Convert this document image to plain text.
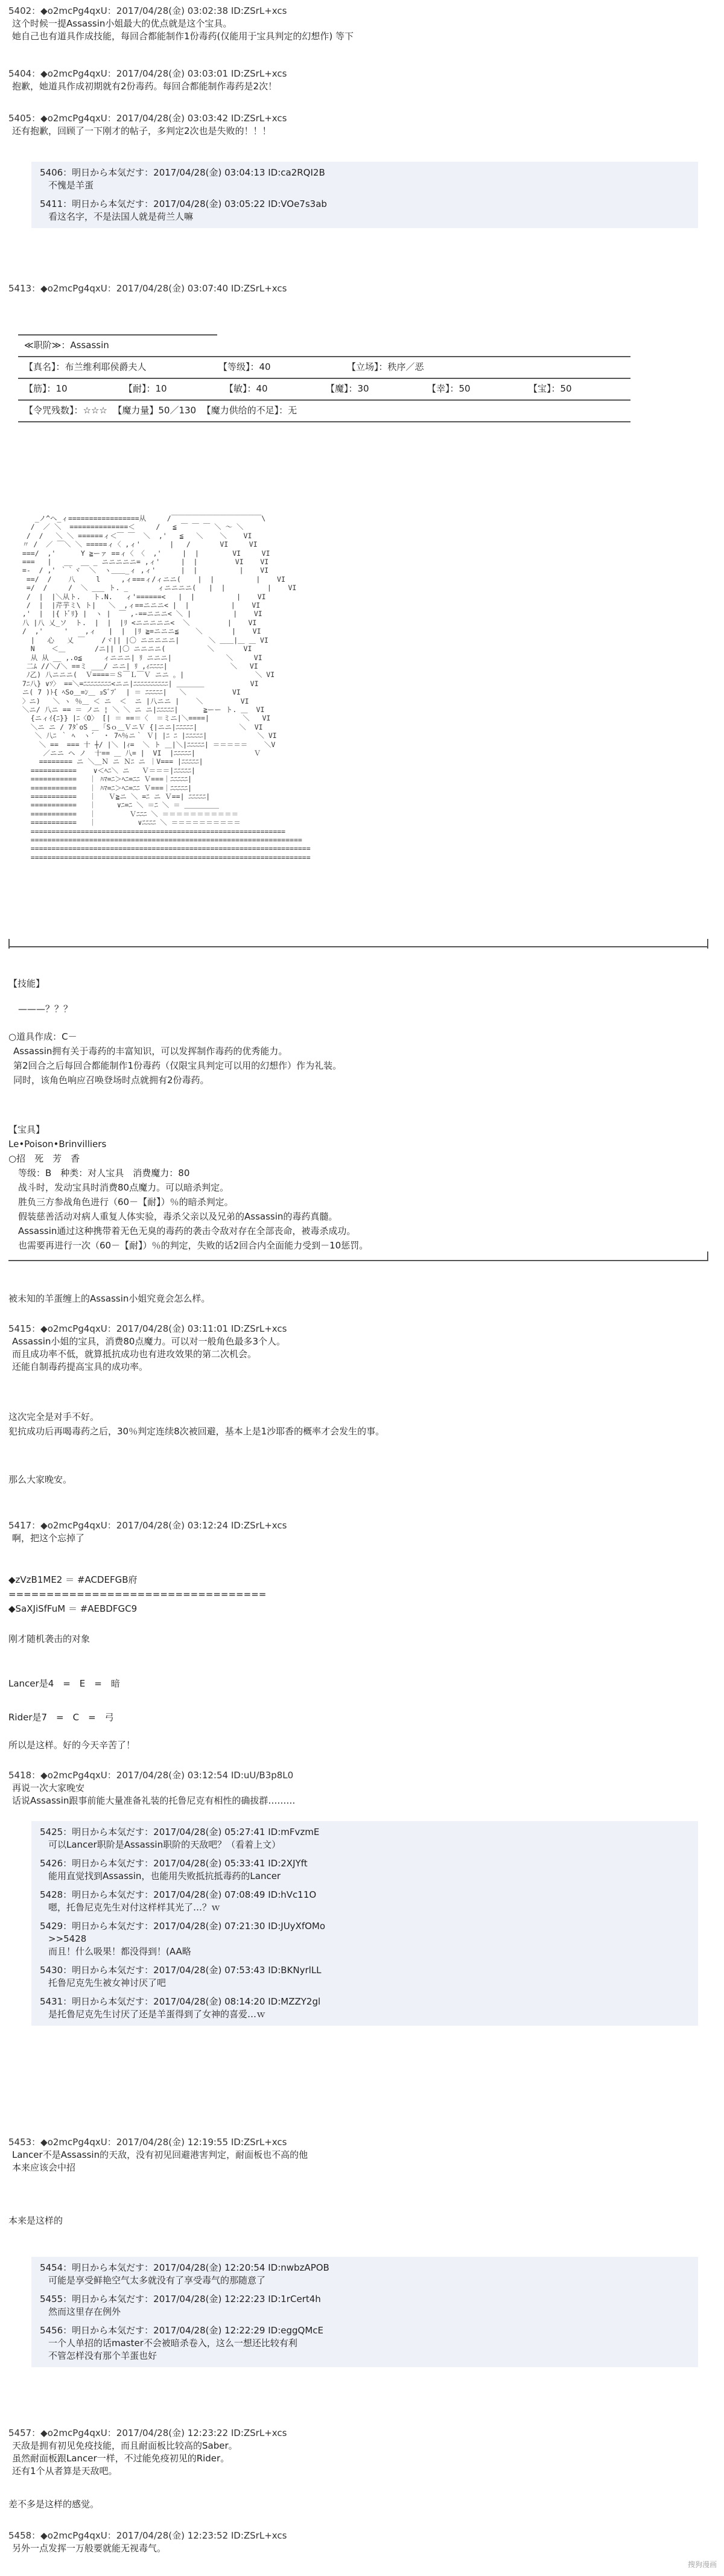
5402：◆o2mcPg4qxU：2017/04/28(金) 03:02:38 ID:ZSrL+xcs
这个时候一提Assassin小姐最大的优点就是这个宝具。
她自己也有道具作成技能，每回合都能制作1份毒药(仅能用于宝具判定的幻想作) 等下
5404：◆o2mcPg4qxU：2017/04/28(金) 03:03:01 ID:ZSrL+xcs
抱歉，她道具作成初期就有2份毒药。每回合都能制作毒药是2次！
5405：◆o2mcPg4qxU：2017/04/28(金) 03:03:42 ID:ZSrL+xcs
还有抱歉，回顾了一下刚才的帖子，多判定2次也是失败的！！！
5406：明日から本気だす：2017/04/28(金) 03:04:13 ID:ca2RQI2B
不愧是羊蛋
5411：明日から本気だす：2017/04/28(金) 03:05:22 ID:VOe7s3ab
看这名字，不是法国人就是荷兰人嘛
5413：◆o2mcPg4qxU：2017/04/28(金) 03:07:40 ID:ZSrL+xcs
≪职阶≫：Assassin
【真名】：布兰维利耶侯爵夫人	【等级】：40	【立场】：秩序／恶
【筋】：10	【耐】：10	【敏】：40	【魔】：30	【幸】：50	【宝】：50
【令咒残数】：☆☆☆  【魔力量】50／130  【魔力供给的不足】：无
_ノ^ヘ_ィ=================从     /￣￣￣￣￣￣￣￣￣￣￣￣￣\
/  ／ ＼  ==============＜     /   ≦ ￣ ￣ ￣ ＼ ～ ＼
/  /   ＼ ＼ ======ィ＜￣ ￣  ＼  ,'   ≦   ＼    ＼    VI
〃 /  ／ ￣＼ ＼ =====ィ〈 ,ィ'       |   /       VI     VI
===/  ,'      Y ≧ーァ ==ィ〈 〈  ,'     |  |        VI     VI
===   |   __  __ _ ニニニニニ= ,ィ'     |  |         VI    VI
=‐  / ,' ｀｀ヾ  ＼  ヽ＿＿_ィ ,ィ'      |  |          |    VI
==/  /    八     l     ,ィ===ィ/ィニニ(    |  |          |    VI
=/  /     /  ＼ ___ ト. _       ィニニニニ(   |  |          |    VI
/  |  |＼从ト.   ト.N.   ィ'======<   |  |          |    VI
/  |  |芹芋ミ\ ト|   ＼  ,ィ==ニニニ< |  |          |    VI
,'  |  |{ ﾄﾞﾘ} |  ヽ |  ￣ ,-==ニニニ< ＼ |          |    VI
八 |八 乂_ソ  ト.  |  |  |ﾘ <ニニニニニ<  ＼         |    VI
/  ,'     '    ,ィ   |  |  |ﾘ ≧=ニニニ≦    ＼       |    VI
|   心   乂 ￣    /ヾ|| |〇 ニニニニニ|       ＼ ＿＿|＿ ＿ VI
N    ＜＿       /ニ|| |〇 ニニニニ(          ＼       VI
从 从 __ ,.o≦     ィニニニ| ﾘ ニニニ|             ＼     VI
二ﾑ //＼/＼ ==ミ ___/ ニニ| ﾘ ,ｨﾆﾆﾆﾆ|               ＼   VI
ﾉ乙) 八ニニニ(  Ｖ====＝Ｓ￣Ｌ￣Ｖ ニニ 。|                 ＼ VI
7ﾆ八} ∨ｿ〉 ==＼=ﾆﾆﾆﾆﾆﾆﾆﾆ<ニニ|ﾆﾆﾆﾆﾆﾆﾆﾆﾆﾆ| ＿＿＿＿           VI
ニ( 7 )ﾄ{ ﾍSo＿=ﾝ＿ ｮSﾞﾌﾞ  | ＝ ﾆﾆﾆﾆﾆ|   ＼           VI
〉ニ)   ＼ ヽ ％＿ ＜ ニ  ＜  ニ |八ニニ |    ＼         VI
＼ニ/ 八ニ == ＝ ノニ ¦ ＼ ＼ ニ ニ|ﾆﾆﾆﾆﾆ|      ≧ーー ト. ＿  VI
{ニィｲ{ﾆ}} |ﾆ〈O〉 [| ＝ ==＝〈  ＝ミニ|＼====|        ＼   VI
＼ニ ニ / 7ﾀﾞoS ＿ ｢Sｏ＿ＶニＶ {|ニニ|ﾆﾆﾆﾆﾆ|          ＼  VI
＼ 八ﾆ ｀ ﾍ  ヽ´  ・ 7ﾍ％ニ｀ Ｖ| |ﾆ ﾆ |ﾆﾆﾆﾆﾆ|            ＼ VI
＼ ==  === 十 ┼/ |＼ |ｨ=  ＼ ト ＿|＼|ﾆﾆﾆﾆﾆ| ＝＝＝＝＝    ＼V
／ニニ ヘ ノ  十== ＿ 八= |  VI  |ﾆﾆﾆﾆﾆ|              Ｖ
======== ニ ＼＿Ｎ ニ Ｎﾆ ニ ｜V=== |ﾆﾆﾆﾆﾆ|
===========    ∨＜ﾍﾆ＼ ニ   Ｖ＝＝＝|ﾆﾆﾆﾆﾆ|
===========   ｜ ﾊﾏ=ﾆ＞ﾍﾆ=ﾆﾆ Ｖ===｜ﾆﾆﾆﾆﾆ|
===========   ｜ ﾊﾏ=ﾆ＞ﾍﾆ=ﾆﾆ Ｖ===｜ﾆﾆﾆﾆﾆ|
===========   ｜   Ｖ≧ニ ＼ =ﾆ ニ Ｖ==| ﾆﾆﾆﾆﾆ|
===========   ｜     ∨ﾆ=ﾆ ＼ ＝ﾆ ＼ ＝ ＿＿＿＿＿
===========   ｜        Ｖﾆﾆﾆ ＼ ＝＝＝＝＝＝＝＝＝＝＝
===========   ｜          ∨ﾆﾆﾆﾆ ＼ ＝＝＝＝＝＝＝＝＝＝
=============================================================
=================================================================
===================================================================
===================================================================
【技能】
———？？？
○道具作成：C－
Assassin拥有关于毒药的丰富知识，可以发挥制作毒药的优秀能力。
第2回合之后每回合都能制作1份毒药（仅限宝具判定可以用的幻想作）作为礼装。
同时，该角色响应召唤登场时点就拥有2份毒药。
【宝具】
Le•Poison•Brinvilliers
○招　死　芳　香
等级：B　种类：对人宝具　消费魔力：80
战斗时，发动宝具时消费80点魔力。可以暗杀判定。
胜负三方参战角色进行（60－【耐】）％的暗杀判定。
假装慈善活动对病人重复人体实验，毒杀父亲以及兄弟的Assassin的毒药真髓。
Assassin通过这种携带着无色无臭的毒药的袭击令敌对存在全部丧命，被毒杀成功。
也需要再进行一次（60－【耐】）％的判定，失败的话2回合内全面能力受到－10惩罚。
被未知的羊蛋缠上的Assassin小姐究竟会怎么样。
5415：◆o2mcPg4qxU：2017/04/28(金) 03:11:01 ID:ZSrL+xcs
Assassin小姐的宝具，消费80点魔力。可以对一般角色最多3个人。
而且成功率不低，就算抵抗成功也有进攻效果的第二次机会。
还能自制毒药提高宝具的成功率。
这次完全是对手不好。
犯抗成功后再喝毒药之后，30％判定连续8次被回避，基本上是1沙耶香的概率才会发生的事。
那么大家晚安。
5417：◆o2mcPg4qxU：2017/04/28(金) 03:12:24 ID:ZSrL+xcs
啊，把这个忘掉了
◆zVzB1ME2 ＝ #ACDEFGB府
==================================
◆SaXJiSfFuM ＝ #AEBDFGC9
刚才随机袭击的对象
Lancer是4　=　E　=　暗
Rider是7　=　C　=　弓
所以是这样。好的今天辛苦了！
5418：◆o2mcPg4qxU：2017/04/28(金) 03:12:54 ID:uU/B3p8L0
再说一次大家晚安
话说Assassin跟事前能大量准备礼装的托鲁尼克有相性的确拔群………
5425：明日から本気だす：2017/04/28(金) 05:27:41 ID:mFvzmE
可以Lancer职阶是Assassin职阶的天敌吧？（看着上文）
5426：明日から本気だす：2017/04/28(金) 05:33:41 ID:2XJYft
能用直觉找到Assassin，也能用失败抵抗抵毒药的Lancer
5428：明日から本気だす：2017/04/28(金) 07:08:49 ID:hVc11O
嗯，托鲁尼克先生对付这样样其光了…？ｗ
5429：明日から本気だす：2017/04/28(金) 07:21:30 ID:JUyXfOMo
>>5428
而且！什么吸果！都没得到！(AA略
5430：明日から本気だす：2017/04/28(金) 07:53:43 ID:BKNyrlLL
托鲁尼克先生被女神讨厌了吧
5431：明日から本気だす：2017/04/28(金) 08:14:20 ID:MZZY2gl
是托鲁尼克先生讨厌了还是羊蛋得到了女神的喜爱…ｗ
5453：◆o2mcPg4qxU：2017/04/28(金) 12:19:55 ID:ZSrL+xcs
Lancer不是Assassin的天敌，没有初见回避港害判定，耐面板也不高的他
本来应该会中招
本来是这样的
5454：明日から本気だす：2017/04/28(金) 12:20:54 ID:nwbzAPOB
可能是享受鲜艳空气太多就没有了享受毒气的那随意了
5455：明日から本気だす：2017/04/28(金) 12:22:23 ID:1rCert4h
然而这里存在例外
5456：明日から本気だす：2017/04/28(金) 12:22:29 ID:eggQMcE
一个人单招的话master不会被暗杀卷入，这么一想还比较有利
不管怎样没有那个羊蛋也好
5457：◆o2mcPg4qxU：2017/04/28(金) 12:23:22 ID:ZSrL+xcs
天敌是拥有初见免疫技能，而且耐面板比较高的Saber。
虽然耐面板跟Lancer一样，不过能免疫初见的Rider。
还有1个从者算是天敌吧。
差不多是这样的感觉。
5458：◆o2mcPg4qxU：2017/04/28(金) 12:23:52 ID:ZSrL+xcs
另外一点发挥一万般要就能无视毒气。
搜狗漫画
